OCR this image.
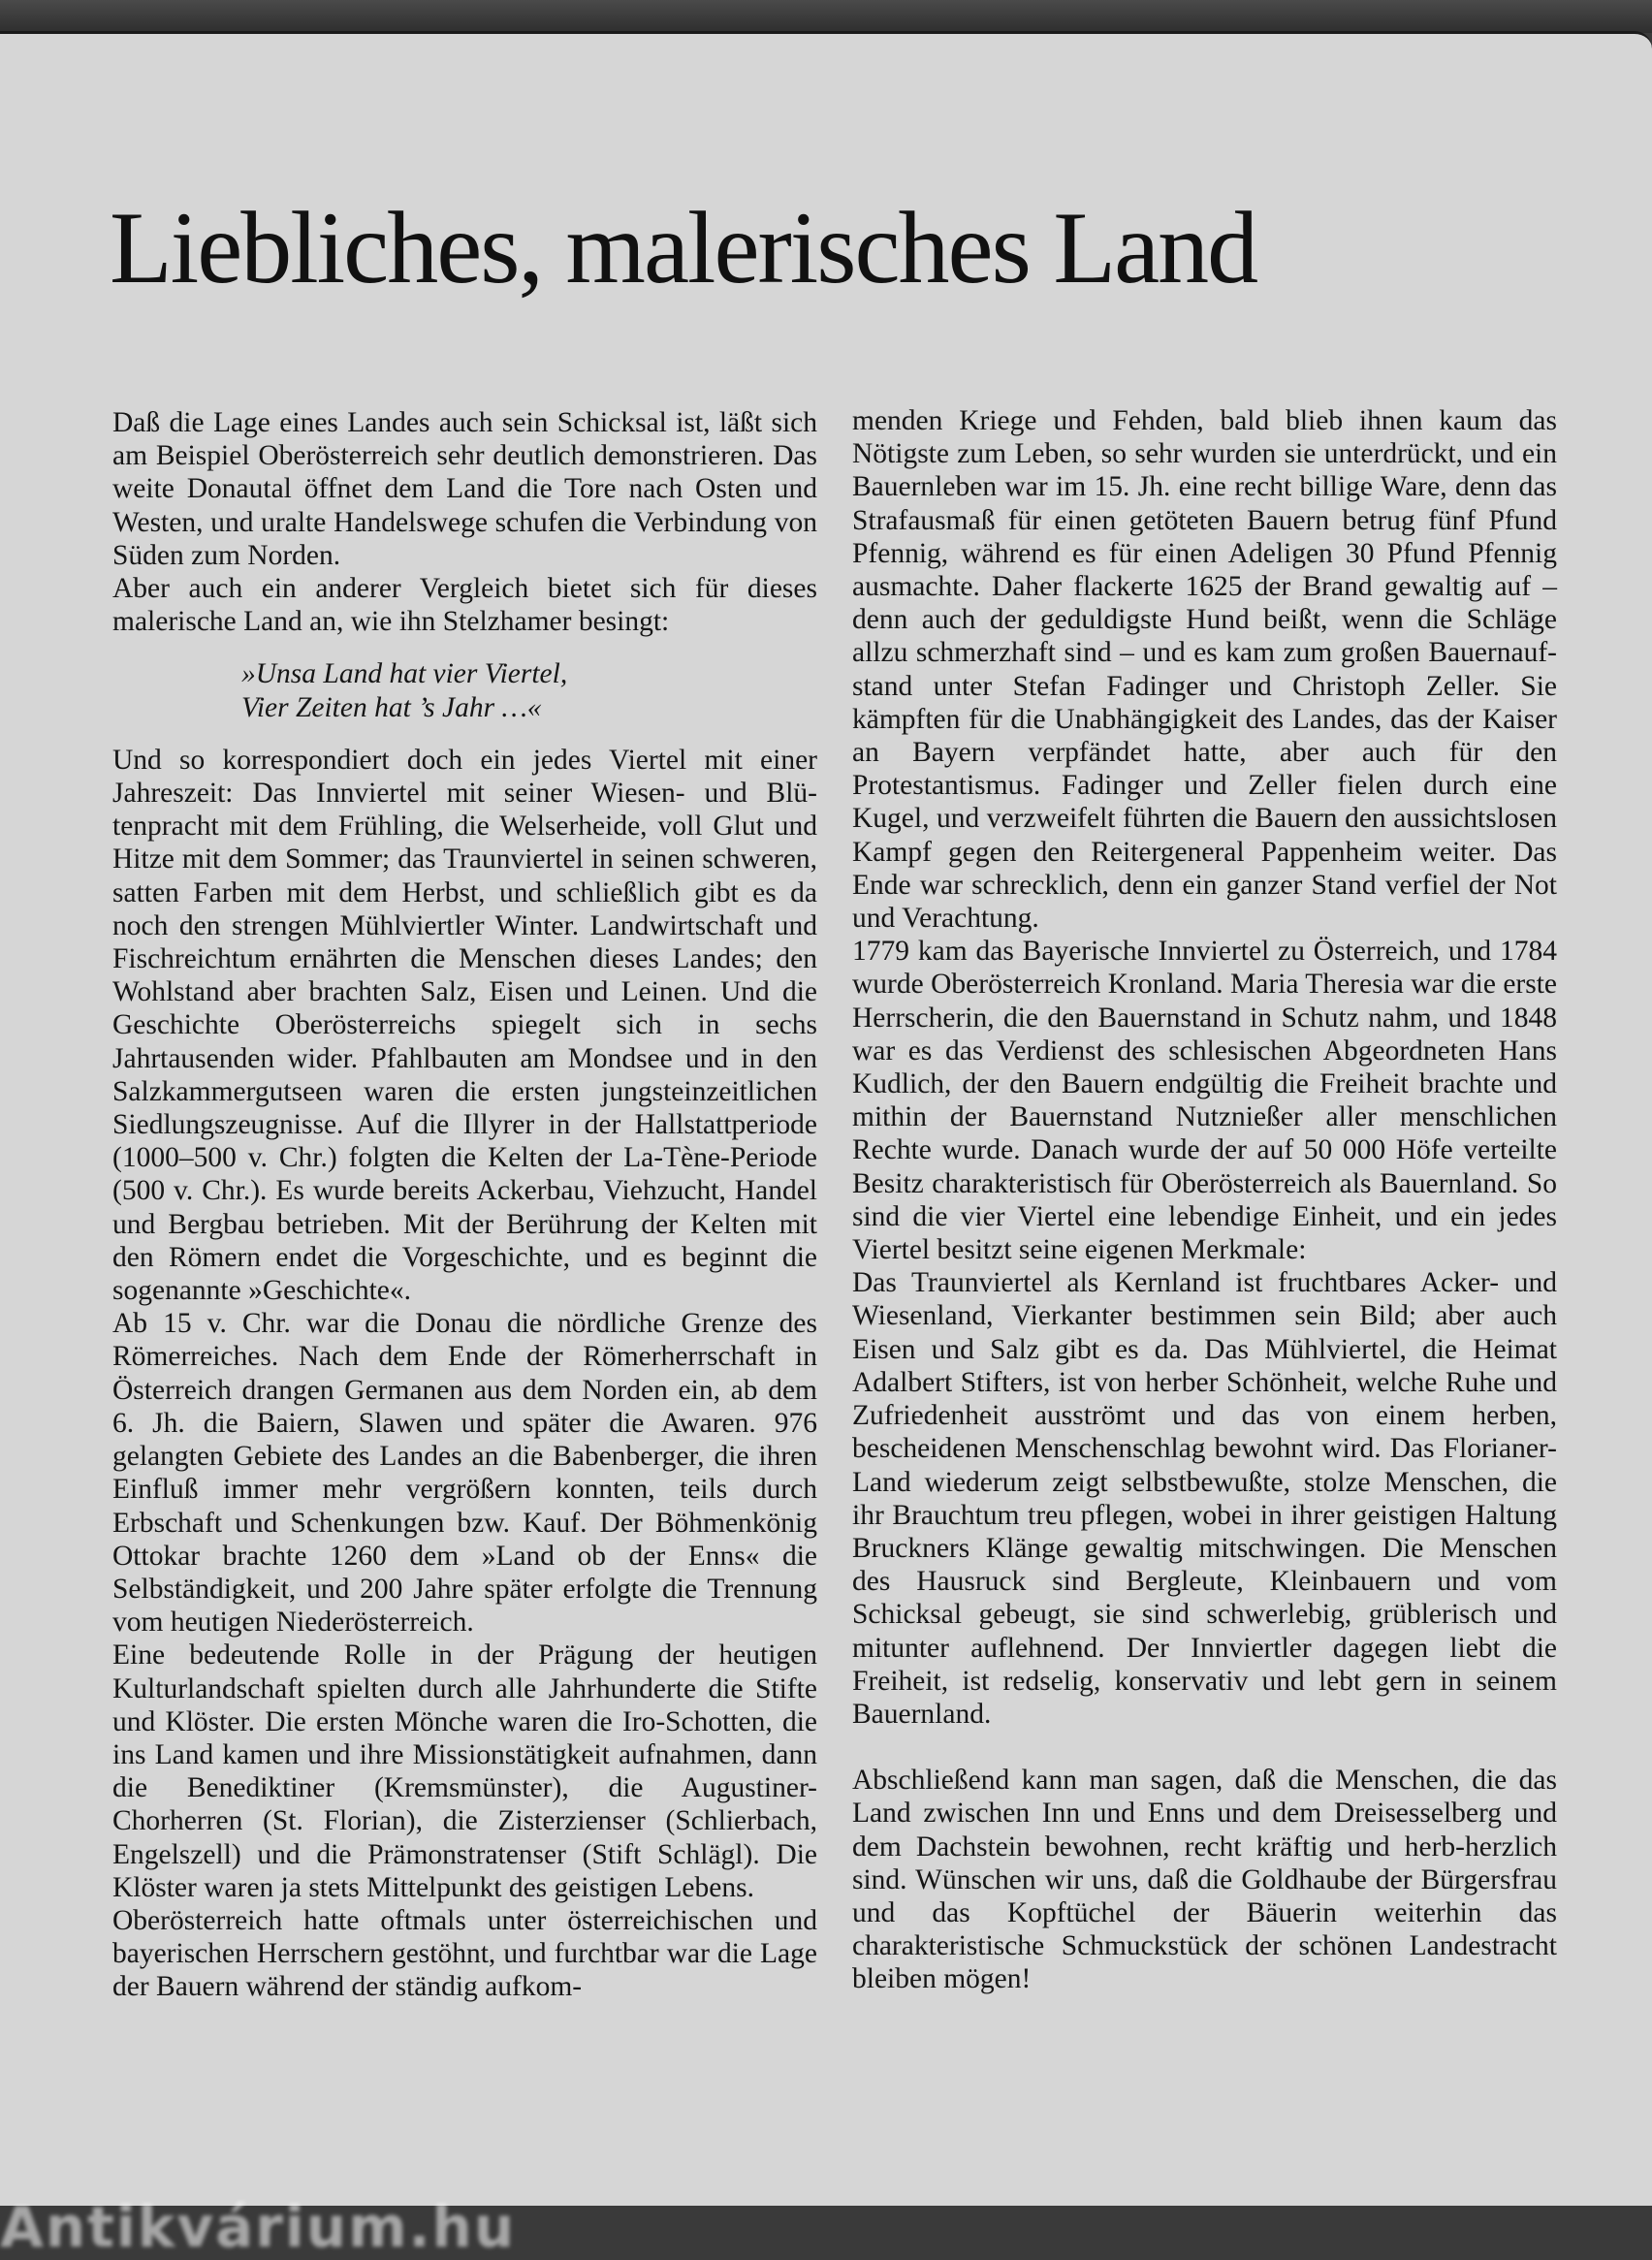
Liebliches, malerisches Land

Daß die Lage eines Landes auch sein Schicksal ist, läßt sich am Beispiel Oberösterreich sehr deutlich demonstrieren. Das weite Donautal öffnet dem Land die Tore nach Osten und Westen, und uralte Handelswege schufen die Verbindung von Süden zum Norden.

Aber auch ein anderer Vergleich bietet sich für dieses malerische Land an, wie ihn Stelzhamer besingt:

»Unsa Land hat vier Viertel,
Vier Zeiten hat ’s Jahr …«

Und so korrespondiert doch ein jedes Viertel mit einer Jahreszeit: Das Innviertel mit seiner Wiesen- und Blütenpracht mit dem Frühling, die Welserheide, voll Glut und Hitze mit dem Sommer; das Traunviertel in seinen schweren, satten Farben mit dem Herbst, und schließlich gibt es da noch den strengen Mühlviertler Winter. Landwirtschaft und Fischreichtum ernährten die Menschen dieses Landes; den Wohlstand aber brachten Salz, Eisen und Leinen. Und die Geschichte Oberösterreichs spiegelt sich in sechs Jahrtausenden wider. Pfahlbauten am Mondsee und in den Salzkammergutseen waren die ersten jungsteinzeitlichen Siedlungszeugnisse. Auf die Illyrer in der Hallstattperiode (1000–500 v. Chr.) folgten die Kelten der La-Tène-Periode (500 v. Chr.). Es wurde bereits Ackerbau, Viehzucht, Handel und Bergbau betrieben. Mit der Berührung der Kelten mit den Römern endet die Vorgeschichte, und es beginnt die sogenannte »Geschichte«.

Ab 15 v. Chr. war die Donau die nördliche Grenze des Römerreiches. Nach dem Ende der Römerherrschaft in Österreich drangen Germanen aus dem Norden ein, ab dem 6. Jh. die Baiern, Slawen und später die Awaren. 976 gelangten Gebiete des Landes an die Babenberger, die ihren Einfluß immer mehr vergrößern konnten, teils durch Erbschaft und Schenkungen bzw. Kauf. Der Böhmenkönig Ottokar brachte 1260 dem »Land ob der Enns« die Selbständigkeit, und 200 Jahre später erfolgte die Trennung vom heutigen Niederösterreich.

Eine bedeutende Rolle in der Prägung der heutigen Kulturlandschaft spielten durch alle Jahrhunderte die Stifte und Klöster. Die ersten Mönche waren die Iro-Schotten, die ins Land kamen und ihre Missionstätigkeit aufnahmen, dann die Benediktiner (Kremsmünster), die Augustiner-Chorherren (St. Florian), die Zisterzienser (Schlierbach, Engelszell) und die Prämonstratenser (Stift Schlägl). Die Klöster waren ja stets Mittelpunkt des geistigen Lebens.

Oberösterreich hatte oftmals unter österreichischen und bayerischen Herrschern gestöhnt, und furchtbar war die Lage der Bauern während der ständig aufkom-

menden Kriege und Fehden, bald blieb ihnen kaum das Nötigste zum Leben, so sehr wurden sie unterdrückt, und ein Bauernleben war im 15. Jh. eine recht billige Ware, denn das Strafausmaß für einen getöteten Bauern betrug fünf Pfund Pfennig, während es für einen Adeligen 30 Pfund Pfennig ausmachte. Daher flackerte 1625 der Brand gewaltig auf – denn auch der geduldigste Hund beißt, wenn die Schläge allzu schmerzhaft sind – und es kam zum großen Bauernaufstand unter Stefan Fadinger und Christoph Zeller. Sie kämpften für die Unabhängigkeit des Landes, das der Kaiser an Bayern verpfändet hatte, aber auch für den Protestantismus. Fadinger und Zeller fielen durch eine Kugel, und verzweifelt führten die Bauern den aussichtslosen Kampf gegen den Reitergeneral Pappenheim weiter. Das Ende war schrecklich, denn ein ganzer Stand verfiel der Not und Verachtung.

1779 kam das Bayerische Innviertel zu Österreich, und 1784 wurde Oberösterreich Kronland. Maria Theresia war die erste Herrscherin, die den Bauernstand in Schutz nahm, und 1848 war es das Verdienst des schlesischen Abgeordneten Hans Kudlich, der den Bauern endgültig die Freiheit brachte und mithin der Bauernstand Nutznießer aller menschlichen Rechte wurde. Danach wurde der auf 50 000 Höfe verteilte Besitz charakteristisch für Oberösterreich als Bauernland. So sind die vier Viertel eine lebendige Einheit, und ein jedes Viertel besitzt seine eigenen Merkmale:

Das Traunviertel als Kernland ist fruchtbares Acker- und Wiesenland, Vierkanter bestimmen sein Bild; aber auch Eisen und Salz gibt es da. Das Mühlviertel, die Heimat Adalbert Stifters, ist von herber Schönheit, welche Ruhe und Zufriedenheit ausströmt und das von einem herben, bescheidenen Menschenschlag bewohnt wird. Das Florianer-Land wiederum zeigt selbstbewußte, stolze Menschen, die ihr Brauchtum treu pflegen, wobei in ihrer geistigen Haltung Bruckners Klänge gewaltig mitschwingen. Die Menschen des Hausruck sind Bergleute, Kleinbauern und vom Schicksal gebeugt, sie sind schwerlebig, grüblerisch und mitunter auflehnend. Der Innviertler dagegen liebt die Freiheit, ist redselig, konservativ und lebt gern in seinem Bauernland.

Abschließend kann man sagen, daß die Menschen, die das Land zwischen Inn und Enns und dem Dreisesselberg und dem Dachstein bewohnen, recht kräftig und herb-herzlich sind. Wünschen wir uns, daß die Goldhaube der Bürgersfrau und das Kopftüchel der Bäuerin weiterhin das charakteristische Schmuckstück der schönen Landestracht bleiben mögen!

Antikvárium.hu
